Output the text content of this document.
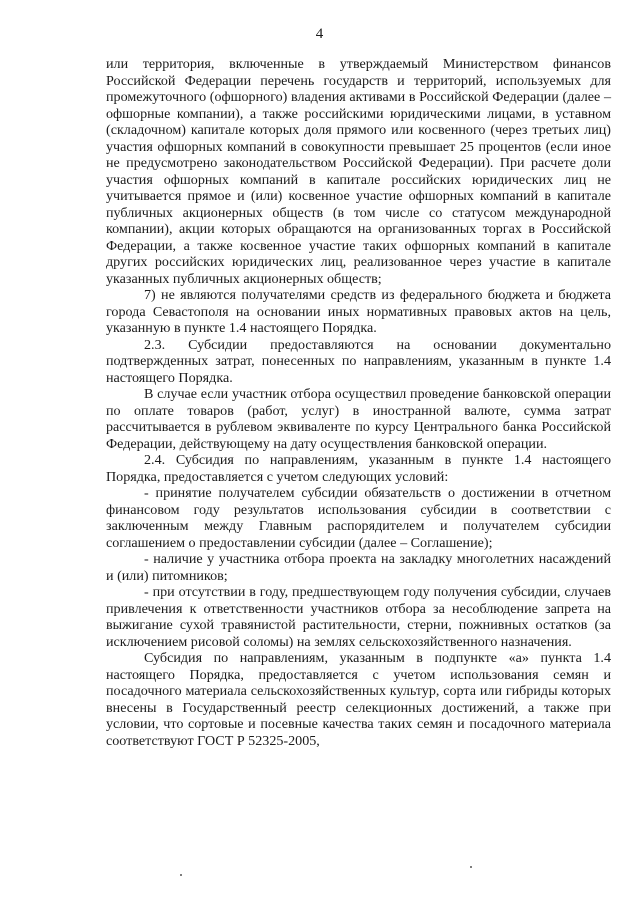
4

или территория, включенные в утверждаемый Министерством финансов Российской Федерации перечень государств и территорий, используемых для промежуточного (офшорного) владения активами в Российской Федерации (далее – офшорные компании), а также российскими юридическими лицами, в уставном (складочном) капитале которых доля прямого или косвенного (через третьих лиц) участия офшорных компаний в совокупности превышает 25 процентов (если иное не предусмотрено законодательством Российской Федерации). При расчете доли участия офшорных компаний в капитале российских юридических лиц не учитывается прямое и (или) косвенное участие офшорных компаний в капитале публичных акционерных обществ (в том числе со статусом международной компании), акции которых обращаются на организованных торгах в Российской Федерации, а также косвенное участие таких офшорных компаний в капитале других российских юридических лиц, реализованное через участие в капитале указанных публичных акционерных обществ;

7) не являются получателями средств из федерального бюджета и бюджета города Севастополя на основании иных нормативных правовых актов на цель, указанную в пункте 1.4 настоящего Порядка.

2.3. Субсидии предоставляются на основании документально подтвержденных затрат, понесенных по направлениям, указанным в пункте 1.4 настоящего Порядка.

В случае если участник отбора осуществил проведение банковской операции по оплате товаров (работ, услуг) в иностранной валюте, сумма затрат рассчитывается в рублевом эквиваленте по курсу Центрального банка Российской Федерации, действующему на дату осуществления банковской операции.

2.4. Субсидия по направлениям, указанным в пункте 1.4 настоящего Порядка, предоставляется с учетом следующих условий:

- принятие получателем субсидии обязательств о достижении в отчетном финансовом году результатов использования субсидии в соответствии с заключенным между Главным распорядителем и получателем субсидии соглашением о предоставлении субсидии (далее – Соглашение);

- наличие у участника отбора проекта на закладку многолетних насаждений и (или) питомников;

- при отсутствии в году, предшествующем году получения субсидии, случаев привлечения к ответственности участников отбора за несоблюдение запрета на выжигание сухой травянистой растительности, стерни, пожнивных остатков (за исключением рисовой соломы) на землях сельскохозяйственного назначения.

Субсидия по направлениям, указанным в подпункте «а» пункта 1.4 настоящего Порядка, предоставляется с учетом использования семян и посадочного материала сельскохозяйственных культур, сорта или гибриды которых внесены в Государственный реестр селекционных достижений, а также при условии, что сортовые и посевные качества таких семян и посадочного материала соответствуют ГОСТ Р 52325-2005,
